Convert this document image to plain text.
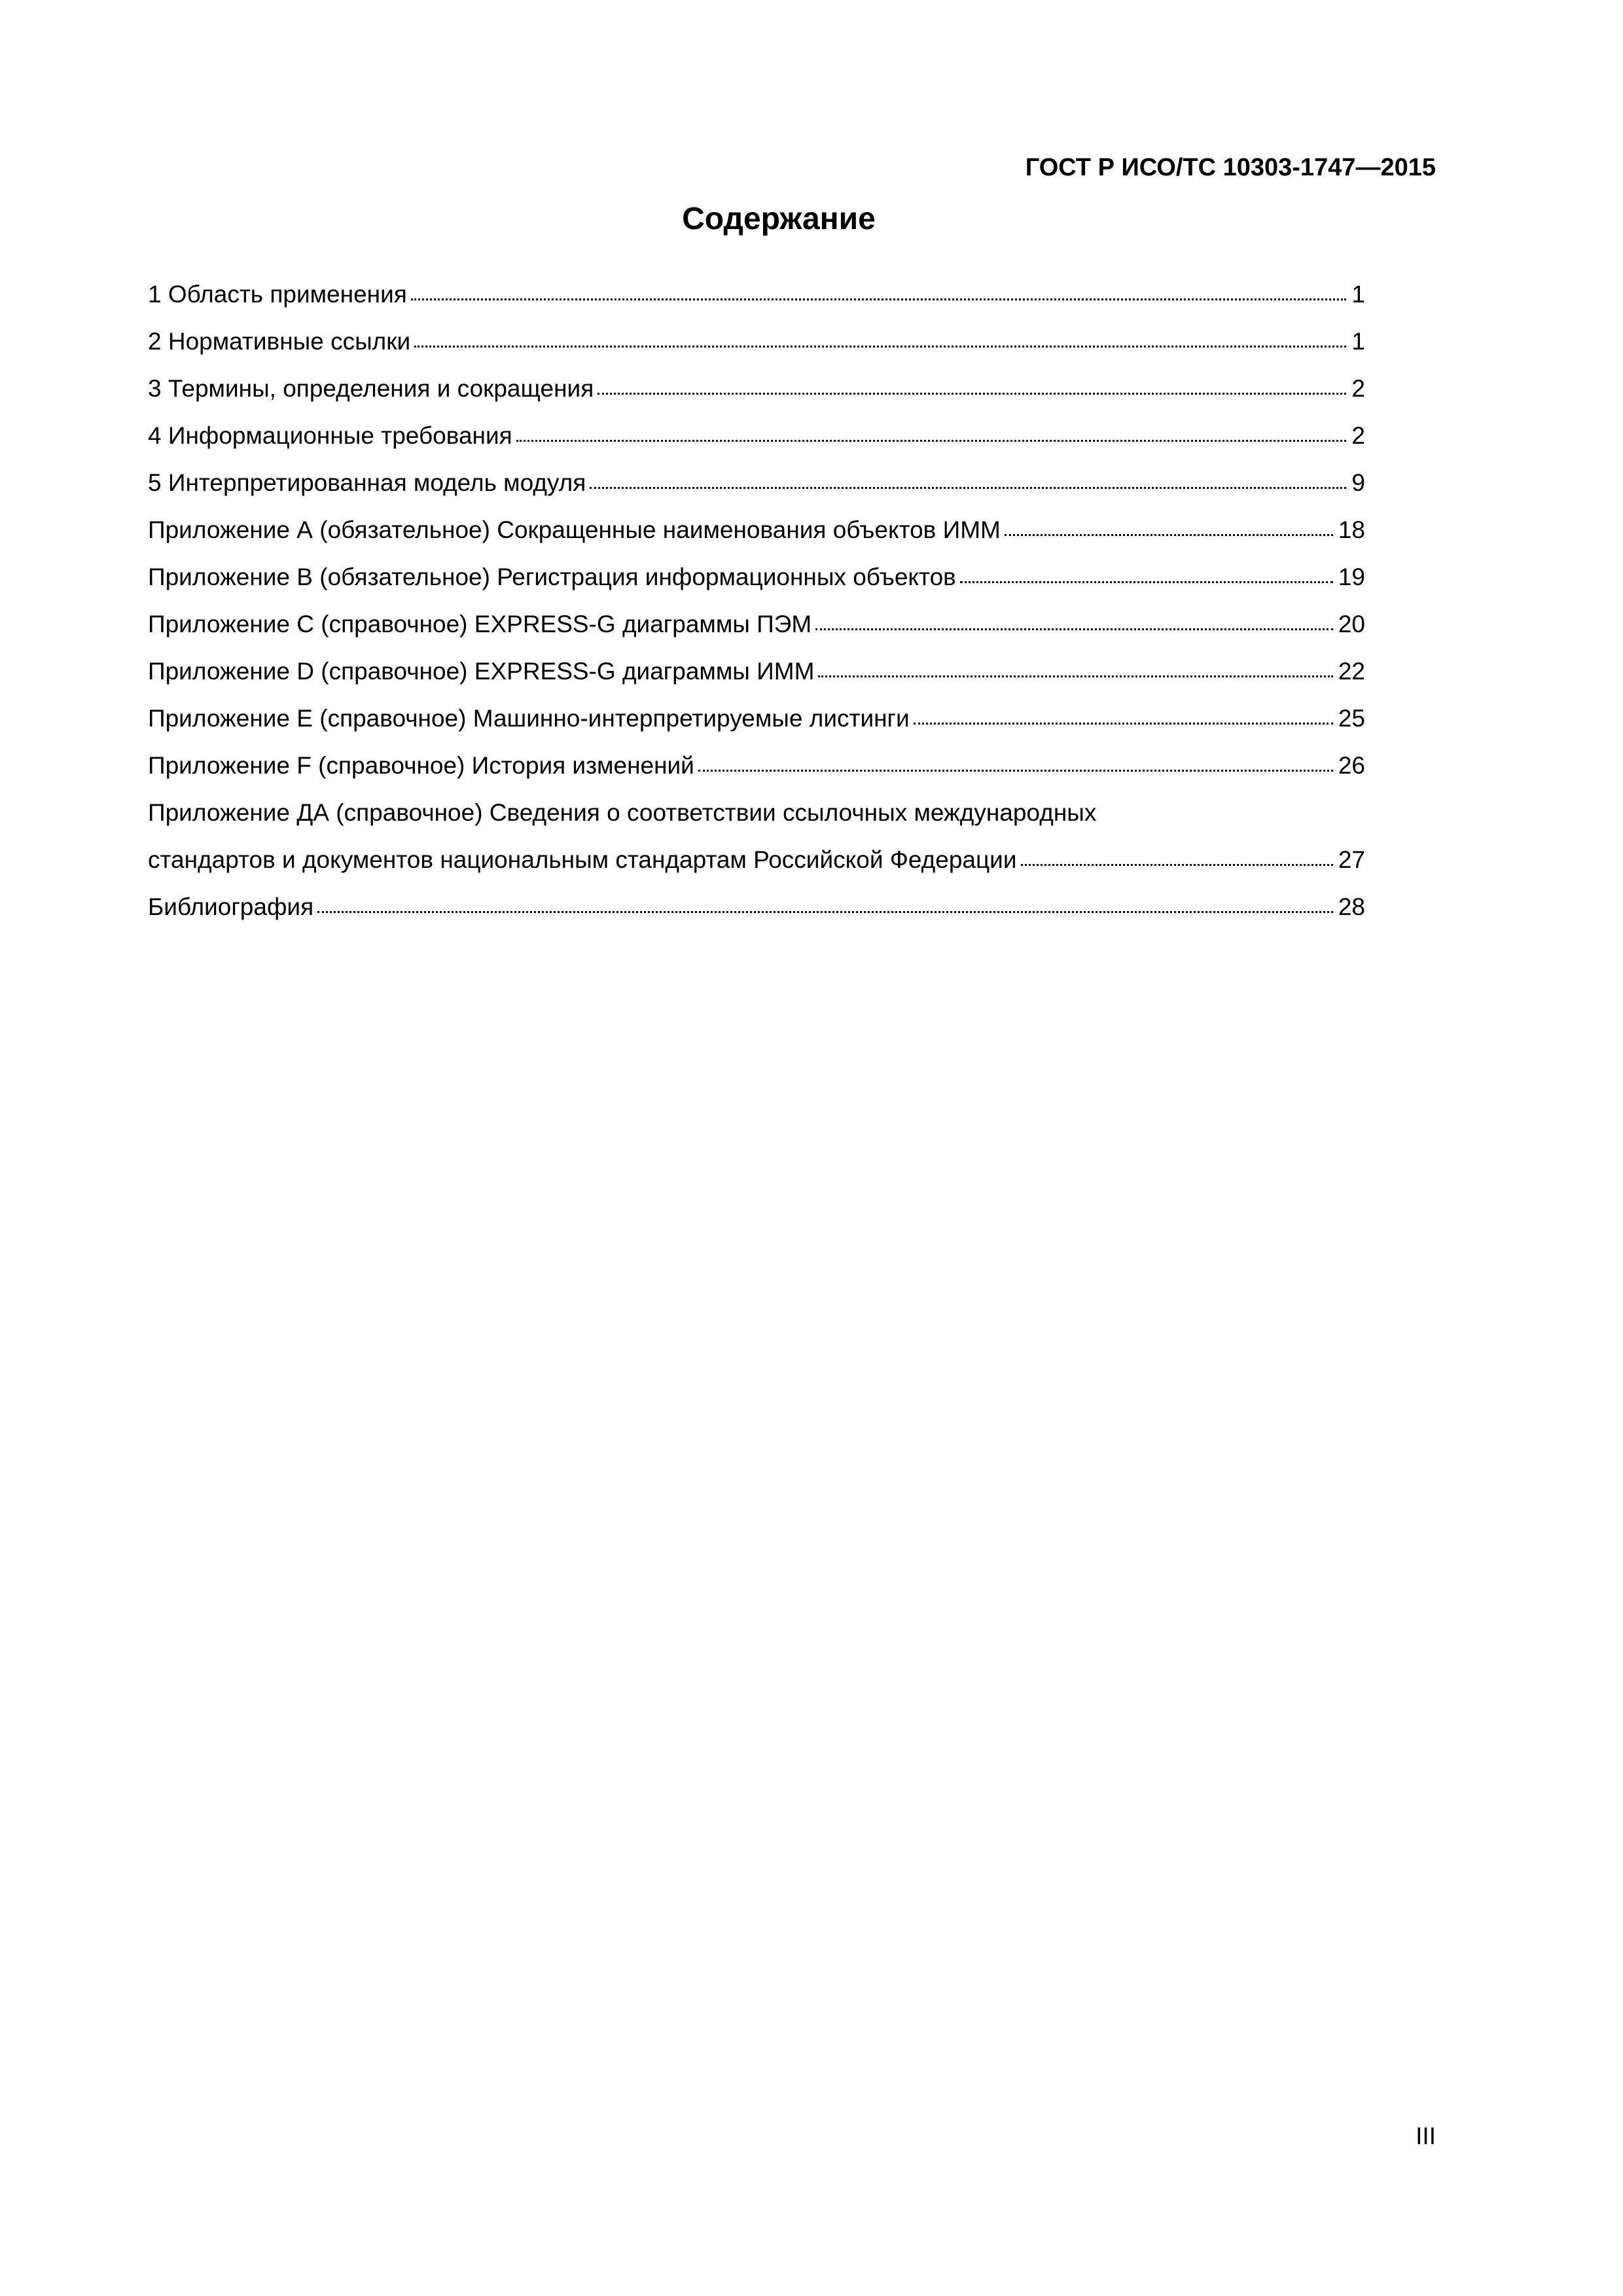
ГОСТ Р ИСО/ТС 10303-1747—2015
Содержание
1 Область применения	1
2 Нормативные ссылки	1
3 Термины, определения и сокращения	2
4 Информационные требования	2
5 Интерпретированная модель модуля	9
Приложение А (обязательное) Сокращенные наименования объектов ИММ	18
Приложение В (обязательное) Регистрация информационных объектов	19
Приложение С (справочное) EXPRESS-G диаграммы ПЭМ	20
Приложение D (справочное) EXPRESS-G диаграммы ИММ	22
Приложение Е (справочное) Машинно-интерпретируемые листинги	25
Приложение F (справочное) История изменений	26
Приложение ДА (справочное) Сведения о соответствии ссылочных международных
стандартов и документов национальным стандартам Российской Федерации	27
Библиография	28
III
